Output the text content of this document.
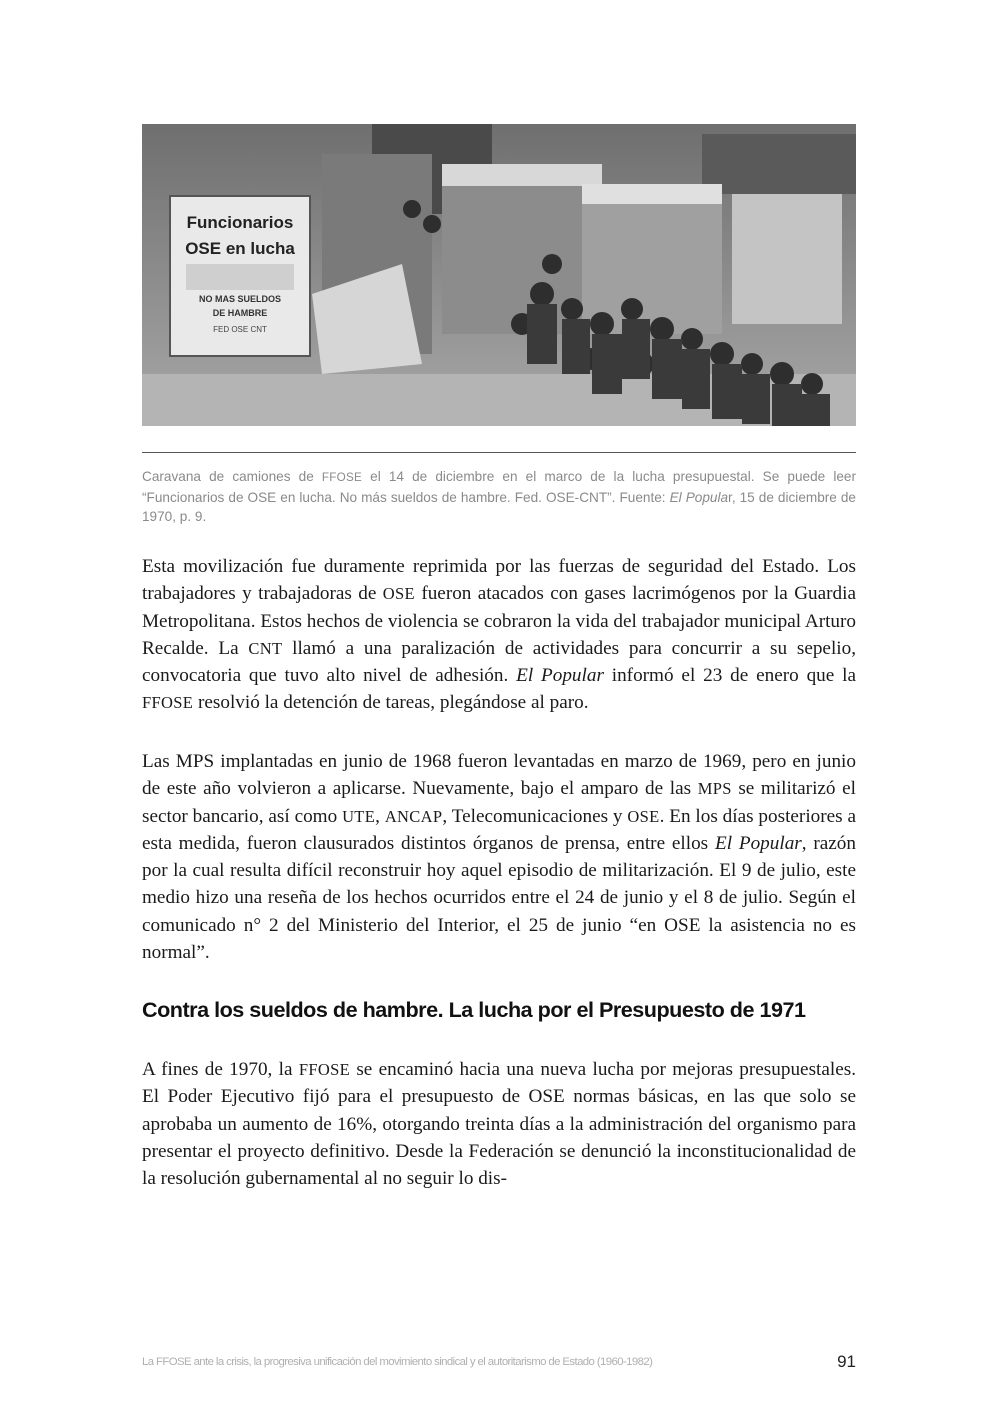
Funcionarios
OSE en lucha
NO MAS SUELDOS
DE HAMBRE
FED OSE CNT

Caravana de camiones de FFOSE el 14 de diciembre en el marco de la lucha presupuestal. Se puede leer “Funcionarios de OSE en lucha. No más sueldos de hambre. Fed. OSE-CNT”. Fuente: El Popular, 15 de diciembre de 1970, p. 9.

Esta movilización fue duramente reprimida por las fuerzas de seguridad del Estado. Los trabajadores y trabajadoras de OSE fueron atacados con gases lacrimógenos por la Guardia Metropolitana. Estos hechos de violencia se cobraron la vida del trabajador municipal Arturo Recalde. La CNT llamó a una paralización de actividades para concurrir a su sepelio, convocatoria que tuvo alto nivel de adhesión. El Popular informó el 23 de enero que la FFOSE resolvió la detención de tareas, plegándose al paro.

Las MPS implantadas en junio de 1968 fueron levantadas en marzo de 1969, pero en junio de este año volvieron a aplicarse. Nuevamente, bajo el amparo de las MPS se militarizó el sector bancario, así como UTE, ANCAP, Telecomunicaciones y OSE. En los días posteriores a esta medida, fueron clausurados distintos órganos de prensa, entre ellos El Popular, razón por la cual resulta difícil reconstruir hoy aquel episodio de militarización. El 9 de julio, este medio hizo una reseña de los hechos ocurridos entre el 24 de junio y el 8 de julio. Según el comunicado n° 2 del Ministerio del Interior, el 25 de junio “en OSE la asistencia no es normal”.

Contra los sueldos de hambre. La lucha por el Presupuesto de 1971

A fines de 1970, la FFOSE se encaminó hacia una nueva lucha por mejoras presupuestales. El Poder Ejecutivo fijó para el presupuesto de OSE normas básicas, en las que solo se aprobaba un aumento de 16%, otorgando treinta días a la administración del organismo para presentar el proyecto definitivo. Desde la Federación se denunció la inconstitucionalidad de la resolución gubernamental al no seguir lo dis-

La FFOSE ante la crisis, la progresiva unificación del movimiento sindical y el autoritarismo de Estado (1960-1982)	91
